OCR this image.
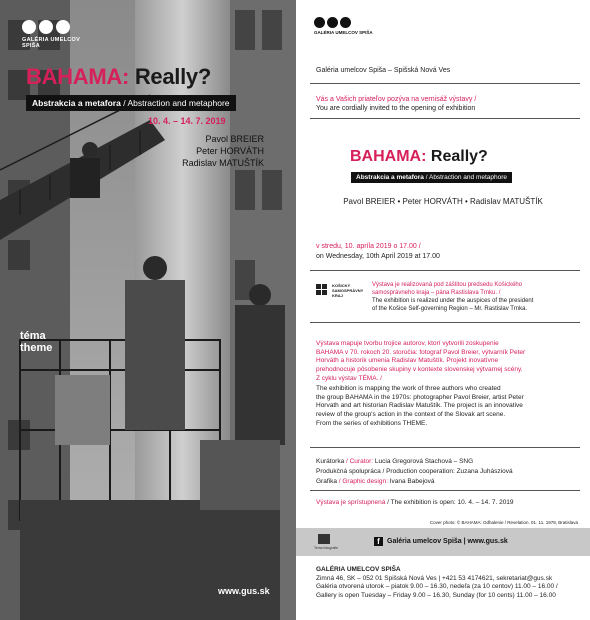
GALÉRIA UMELCOV SPIŠA
BAHAMA: Really?
Abstrakcia a metafora / Abstraction and metaphore
10. 4. – 14. 7. 2019
Pavol BREIER
Peter HORVÁTH
Radislav MATUŠTÍK
téma
theme
www.gus.sk
GALÉRIA UMELCOV SPIŠA
Galéria umelcov Spiša – Spišská Nová Ves
Vás a Vašich priateľov pozýva na vernisáž výstavy /
You are cordially invited to the opening of exhibition
BAHAMA: Really?
Abstrakcia a metafora / Abstraction and metaphore
Pavol BREIER • Peter HORVÁTH • Radislav MATUŠTÍK
v stredu, 10. apríla 2019 o 17.00 /
on Wednesday, 10th April 2019 at 17.00
KOŠICKÝ
SAMOSPRÁVNY
KRAJ
Výstava je realizovaná pod záštitou predsedu Košického
samosprávneho kraja – pána Rastislava Trnku. /
The exhibition is realized under the auspices of the president
of the Košice Self-governing Region – Mr. Rastislav Trnka.
Výstava mapuje tvorbu trojice autorov, ktorí vytvorili zoskupenie
BAHAMA v 70. rokoch 20. storočia: fotograf Pavol Breier, výtvarník Peter
Horváth a historik umenia Radislav Matuštík. Projekt inovatívne
prehodnocuje pôsobenie skupiny v kontexte slovenskej výtvarnej scény.
Z cyklu výstav TÉMA. /
The exhibition is mapping the work of three authors who created
the group BAHAMA in the 1970s: photographer Pavol Breier, artist Peter
Horvath and art historian Radislav Matuštík. The project is an innovative
review of the group's action in the context of the Slovak art scene.
From the series of exhibitions THEME.
Kurátorka / Curator: Lucia Gregorová Stachová – SNG
Produkčná spolupráca / Production cooperation: Zuzana Juhásziová
Grafika / Graphic design: Ivana Babejová
Výstava je sprístupnená / The exhibition is open: 10. 4. – 14. 7. 2019
Cover photo: © BAHAMA: Odhalenie / Revelation. 01. 11. 1978, Bratislava
Tema fotografie
f	Galéria umelcov Spiša | www.gus.sk
GALÉRIA UMELCOV SPIŠA
Zimná 46, SK – 052 01 Spišská Nová Ves | +421 53 4174621, sekretariat@gus.sk
Galéria otvorená utorok – piatok 9.00 – 16.30, nedeľa (za 10 centov) 11.00 – 16.00 /
Gallery is open Tuesday – Friday 9.00 – 16.30, Sunday (for 10 cents) 11.00 – 16.00
